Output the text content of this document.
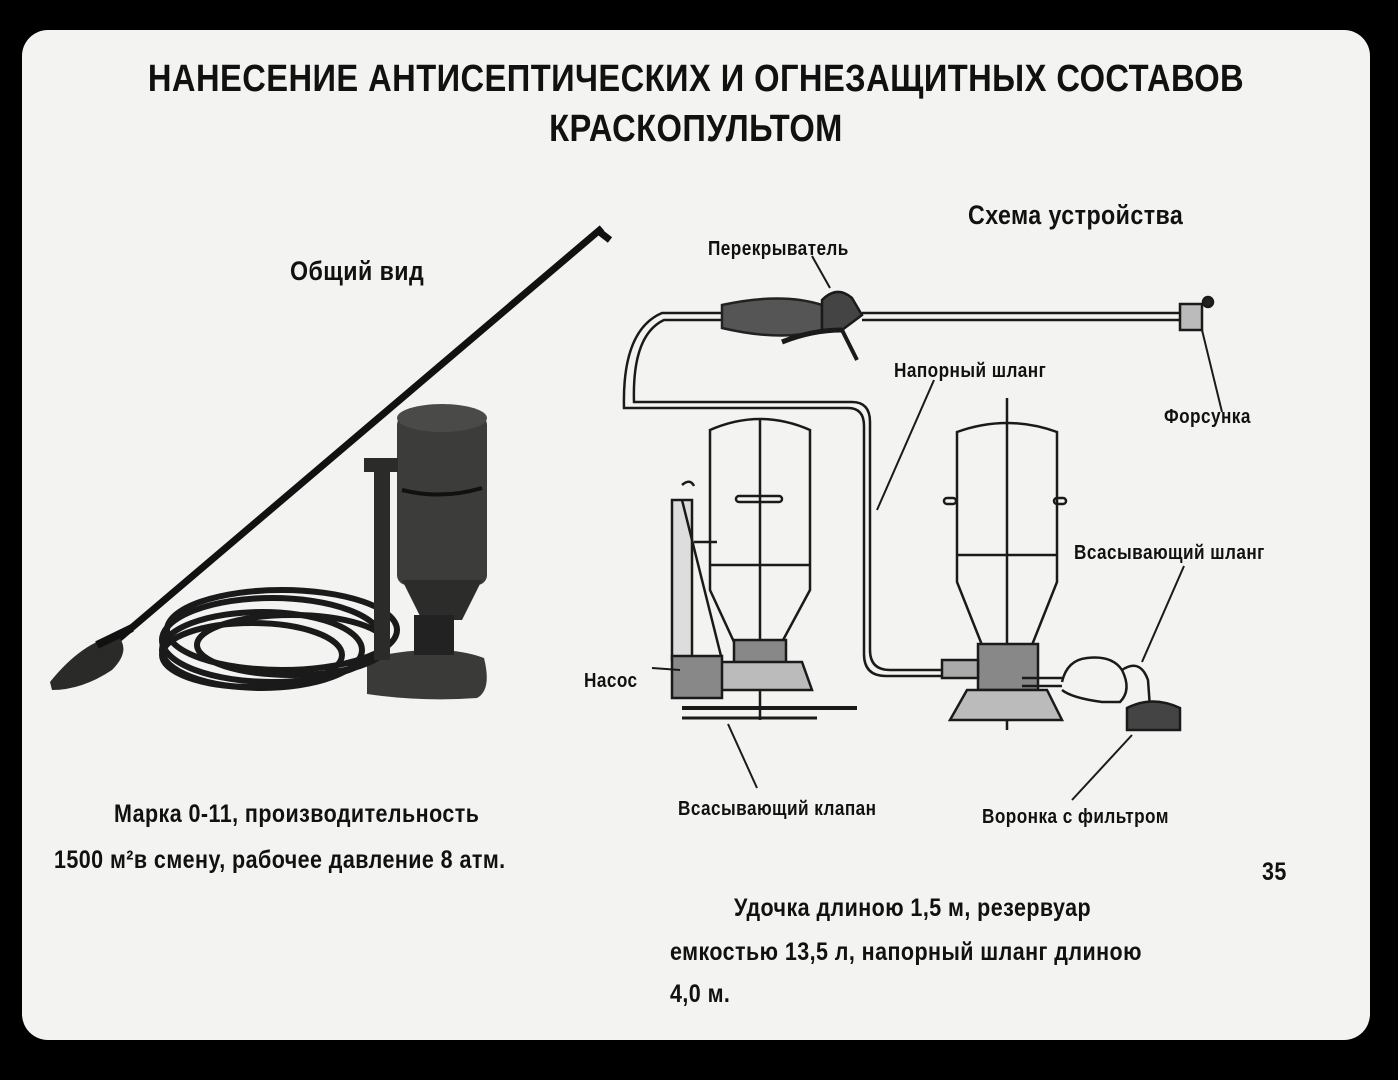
НАНЕСЕНИЕ АНТИСЕПТИЧЕСКИХ И ОГНЕЗАЩИТНЫХ СОСТАВОВ
КРАСКОПУЛЬТОМ
Общий вид
Схема устройства
Перекрыватель
Напорный шланг
Форсунка
Всасывающий шланг
Насос
Всасывающий клапан	Воронка с фильтром
Марка 0-11, производительность
1500 м²в смену, рабочее давление 8 атм.
Удочка длиною 1,5 м, резервуар
емкостью 13,5 л, напорный шланг длиною
4,0 м.
35
